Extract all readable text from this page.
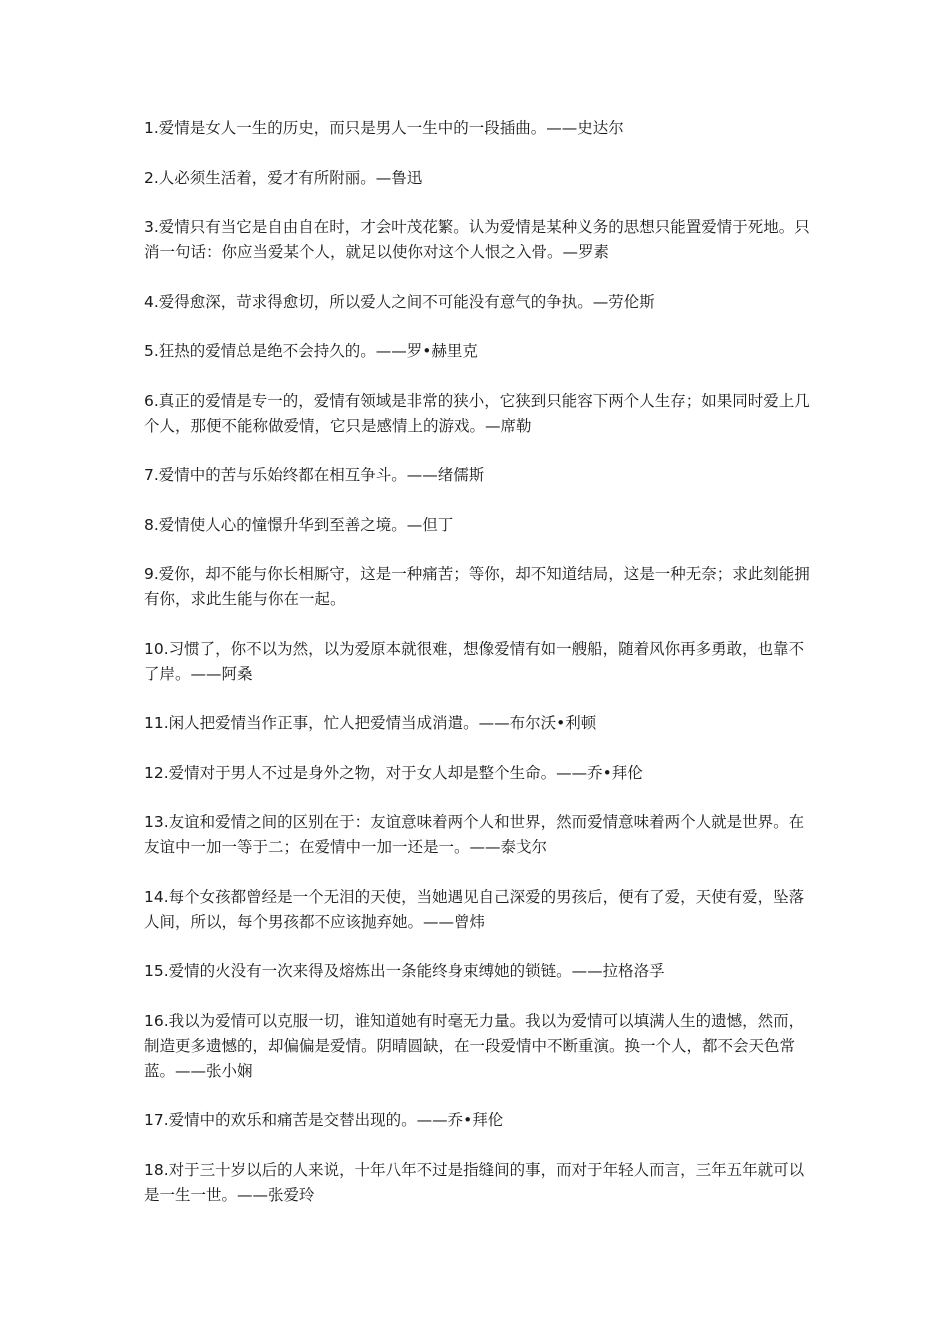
1.爱情是女人一生的历史，而只是男人一生中的一段插曲。——史达尔

2.人必须生活着，爱才有所附丽。—鲁迅

3.爱情只有当它是自由自在时，才会叶茂花繁。认为爱情是某种义务的思想只能置爱情于死地。只消一句话：你应当爱某个人，就足以使你对这个人恨之入骨。—罗素

4.爱得愈深，苛求得愈切，所以爱人之间不可能没有意气的争执。—劳伦斯

5.狂热的爱情总是绝不会持久的。——罗•赫里克

6.真正的爱情是专一的，爱情有领域是非常的狭小，它狭到只能容下两个人生存；如果同时爱上几个人，那便不能称做爱情，它只是感情上的游戏。—席勒

7.爱情中的苦与乐始终都在相互争斗。——绪儒斯

8.爱情使人心的憧憬升华到至善之境。—但丁

9.爱你，却不能与你长相厮守，这是一种痛苦；等你，却不知道结局，这是一种无奈；求此刻能拥有你，求此生能与你在一起。

10.习惯了，你不以为然，以为爱原本就很难，想像爱情有如一艘船，随着风你再多勇敢，也靠不了岸。——阿桑

11.闲人把爱情当作正事，忙人把爱情当成消遣。——布尔沃•利顿

12.爱情对于男人不过是身外之物，对于女人却是整个生命。——乔•拜伦

13.友谊和爱情之间的区别在于：友谊意味着两个人和世界，然而爱情意味着两个人就是世界。在友谊中一加一等于二；在爱情中一加一还是一。——泰戈尔

14.每个女孩都曾经是一个无泪的天使，当她遇见自己深爱的男孩后，便有了爱，天使有爱，坠落人间，所以，每个男孩都不应该抛弃她。——曾炜

15.爱情的火没有一次来得及熔炼出一条能终身束缚她的锁链。——拉格洛孚

16.我以为爱情可以克服一切，谁知道她有时毫无力量。我以为爱情可以填满人生的遗憾，然而，制造更多遗憾的，却偏偏是爱情。阴晴圆缺，在一段爱情中不断重演。换一个人，都不会天色常蓝。——张小娴

17.爱情中的欢乐和痛苦是交替出现的。——乔•拜伦

18.对于三十岁以后的人来说，十年八年不过是指缝间的事，而对于年轻人而言，三年五年就可以是一生一世。——张爱玲
